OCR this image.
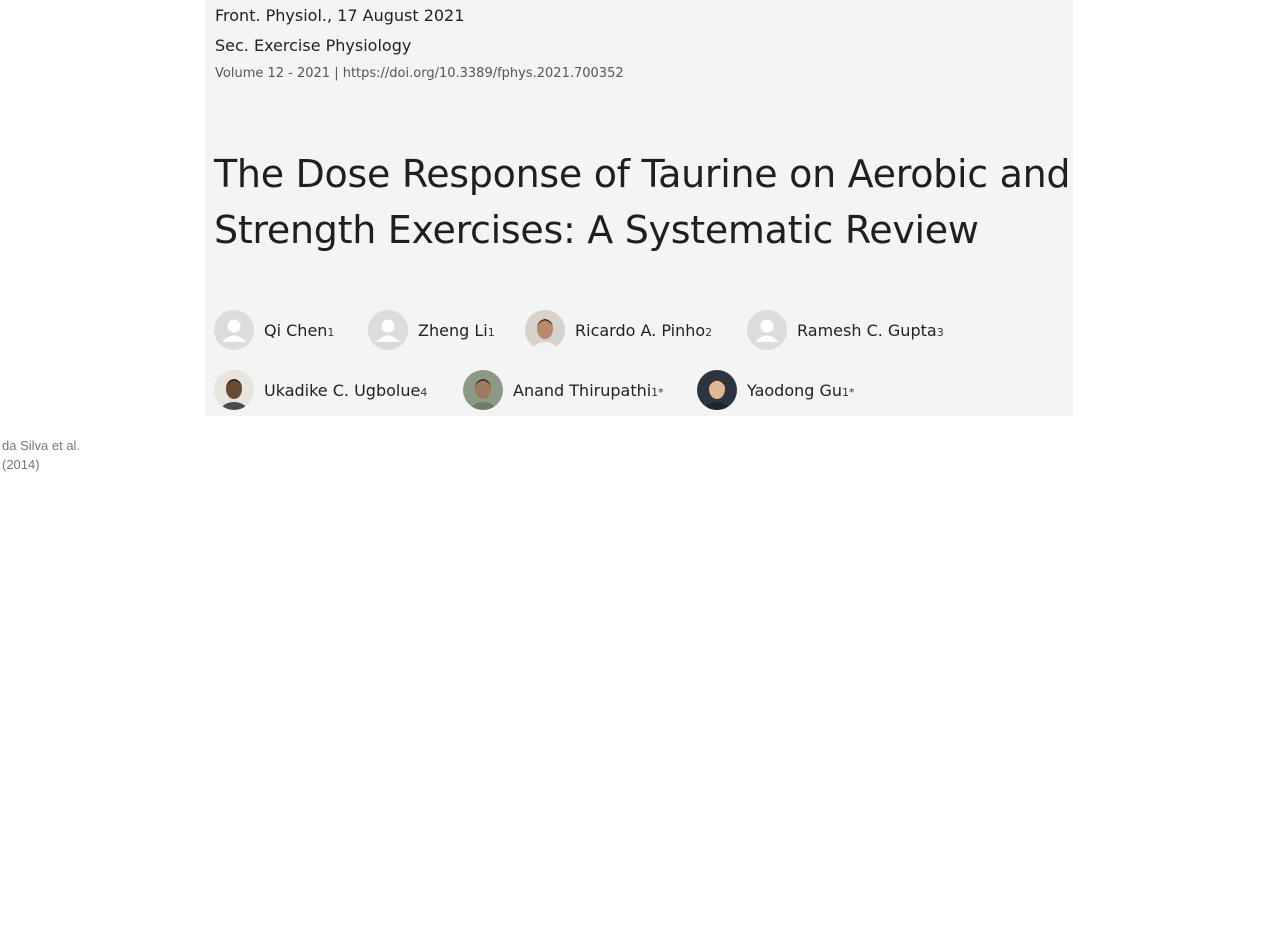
Front. Physiol., 17 August 2021
Sec. Exercise Physiology
Volume 12 - 2021 | https://doi.org/10.3389/fphys.2021.700352
The Dose Response of Taurine on Aerobic and Strength Exercises: A Systematic Review
Qi Chen 1	Zheng Li 1	Ricardo A. Pinho 2	Ramesh C. Gupta 3
Ukadike C. Ugbolue 4	Anand Thirupathi 1*	Yaodong Gu 1*
da Silva et al.
(2014)
